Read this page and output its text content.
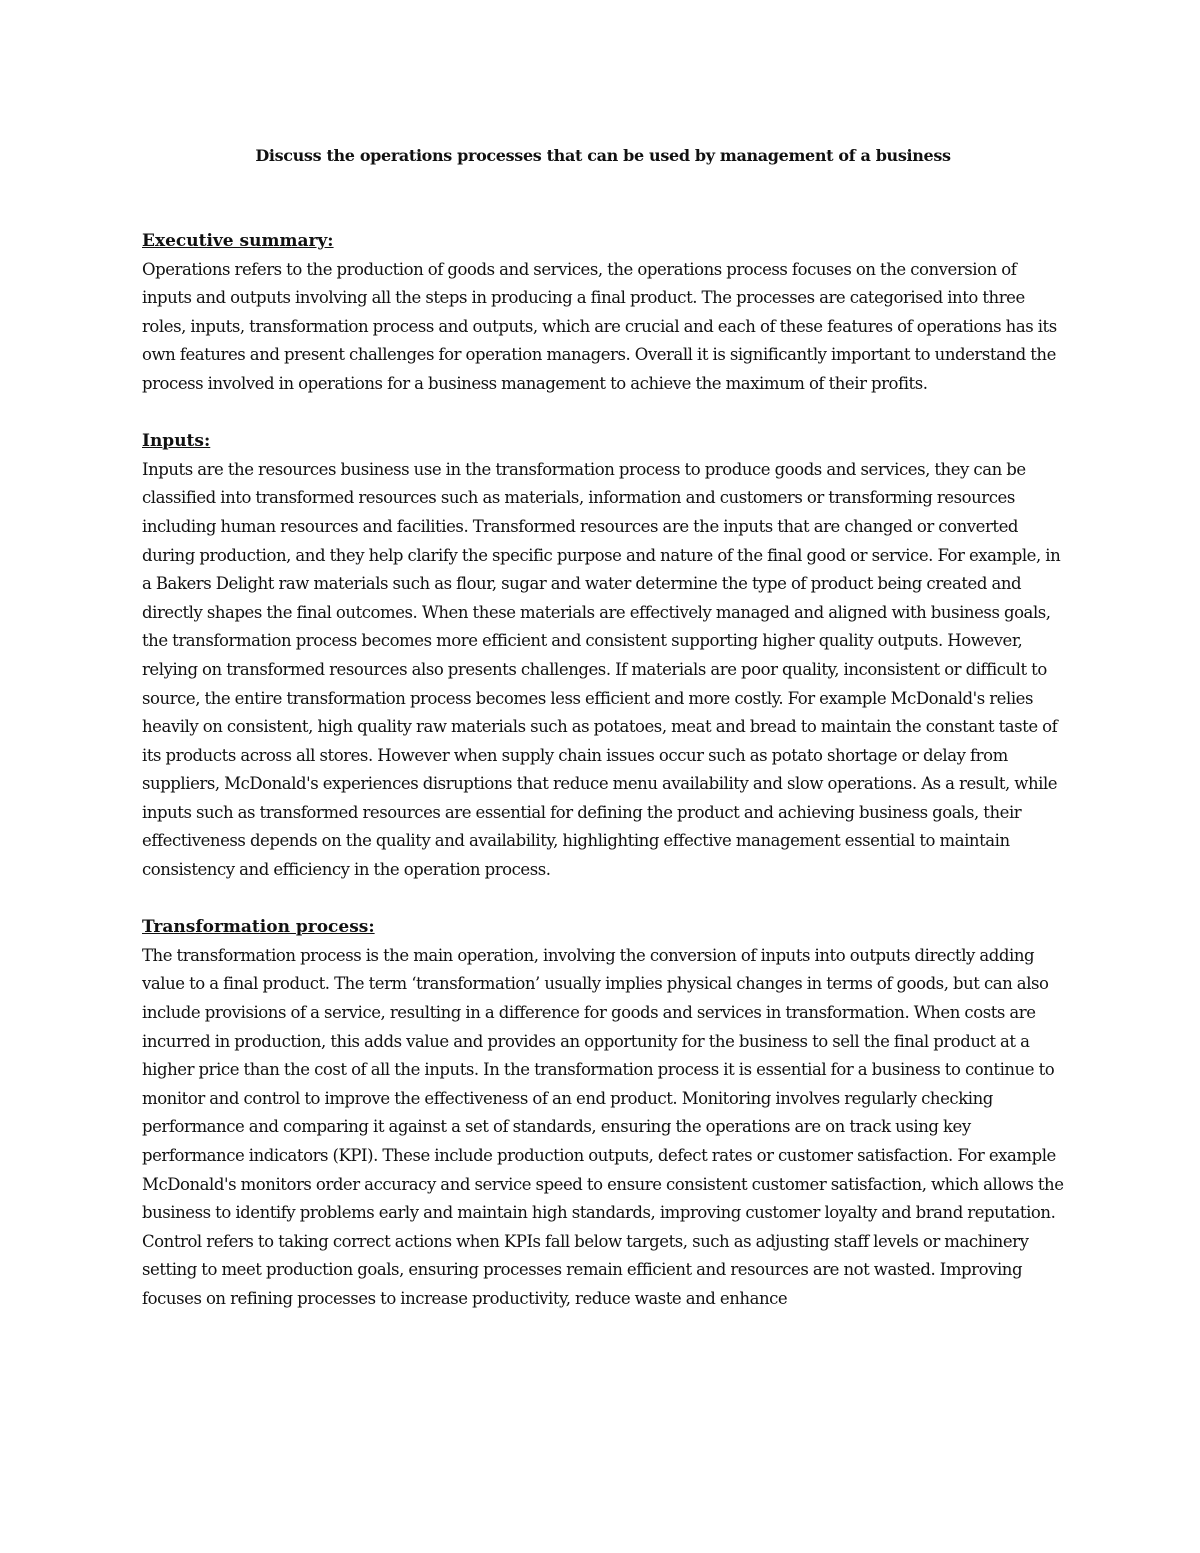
Discuss the operations processes that can be used by management of a business
Executive summary:
Operations refers to the production of goods and services, the operations process focuses on the conversion of inputs and outputs involving all the steps in producing a final product. The processes are categorised into three roles, inputs, transformation process and outputs, which are crucial and each of these features of operations has its own features and present challenges for operation managers. Overall it is significantly important to understand the process involved in operations for a business management to achieve the maximum of their profits.
Inputs:
Inputs are the resources business use in the transformation process to produce goods and services, they can be classified into transformed resources such as materials, information and customers or transforming resources including human resources and facilities. Transformed resources are the inputs that are changed or converted during production, and they help clarify the specific purpose and nature of the final good or service. For example, in a Bakers Delight raw materials such as flour, sugar and water determine the type of product being created and directly shapes the final outcomes. When these materials are effectively managed and aligned with business goals, the transformation process becomes more efficient and consistent supporting higher quality outputs. However, relying on transformed resources also presents challenges. If materials are poor quality, inconsistent or difficult to source, the entire transformation process becomes less efficient and more costly. For example McDonald's relies heavily on consistent, high quality raw materials such as potatoes, meat and bread to maintain the constant taste of its products across all stores. However when supply chain issues occur such as potato shortage or delay from suppliers, McDonald's experiences disruptions that reduce menu availability and slow operations. As a result, while inputs such as transformed resources are essential for defining the product and achieving business goals, their effectiveness depends on the quality and availability, highlighting effective management essential to maintain consistency and efficiency in the operation process.
Transformation process:
The transformation process is the main operation, involving the conversion of inputs into outputs directly adding value to a final product. The term ‘transformation’ usually implies physical changes in terms of goods, but can also include provisions of a service, resulting in a difference for goods and services in transformation. When costs are incurred in production, this adds value and provides an opportunity for the business to sell the final product at a higher price than the cost of all the inputs. In the transformation process it is essential for a business to continue to monitor and control to improve the effectiveness of an end product. Monitoring involves regularly checking performance and comparing it against a set of standards, ensuring the operations are on track using key performance indicators (KPI). These include production outputs, defect rates or customer satisfaction. For example McDonald's monitors order accuracy and service speed to ensure consistent customer satisfaction, which allows the business to identify problems early and maintain high standards, improving customer loyalty and brand reputation. Control refers to taking correct actions when KPIs fall below targets, such as adjusting staff levels or machinery setting to meet production goals, ensuring processes remain efficient and resources are not wasted. Improving focuses on refining processes to increase productivity, reduce waste and enhance
